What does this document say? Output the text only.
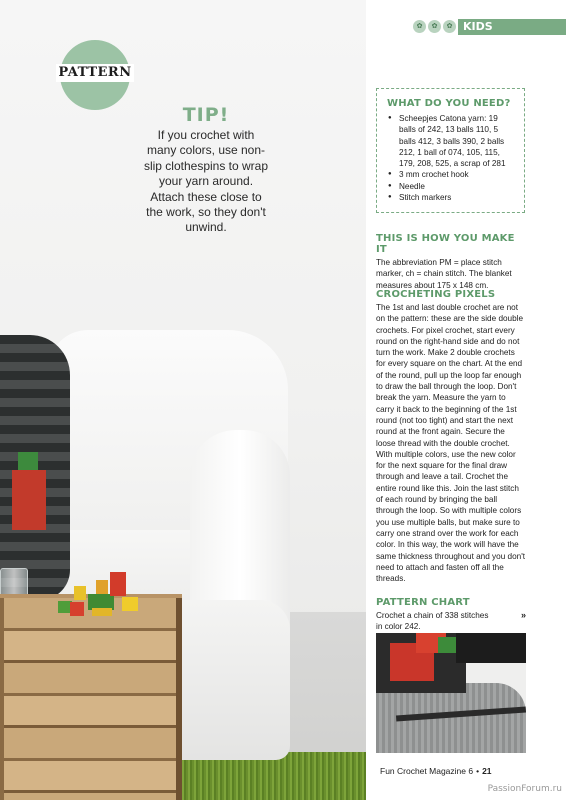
PATTERN
TIP!
If you crochet with many colors, use non-slip clothespins to wrap your yarn around. Attach these close to the work, so they don't unwind.
✿	✿	✿ KIDS
WHAT DO YOU NEED?
● Scheepjes Catona yarn: 19 balls of 242, 13 balls 110, 5 balls 412, 3 balls 390, 2 balls 212, 1 ball of 074, 105, 115, 179, 208, 525, a scrap of 281
● 3 mm crochet hook
● Needle
● Stitch markers
THIS IS HOW YOU MAKE IT

The abbreviation PM = place stitch marker, ch = chain stitch. The blanket measures about 175 x 148 cm.

CROCHETING PIXELS

The 1st and last double crochet are not on the pattern: these are the side double crochets. For pixel crochet, start every round on the right-hand side and do not turn the work. Make 2 double crochets for every square on the chart. At the end of the round, pull up the loop far enough to draw the ball through the loop. Don't break the yarn. Measure the yarn to carry it back to the beginning of the 1st round (not too tight) and start the next round at the front again. Secure the loose thread with the double crochet. With multiple colors, use the new color for the next square for the final draw through and leave a tail. Crochet the entire round like this. Join the last stitch of each round by bringing the ball through the loop. So with multiple colors you use multiple balls, but make sure to carry one strand over the work for each color. In this way, the work will have the same thickness throughout and you don't need to attach and fasten off all the threads.

PATTERN CHART

Crochet a chain of 338 stitches in color 242.

»
Fun Crochet Magazine 6 • 21
PassionForum.ru
